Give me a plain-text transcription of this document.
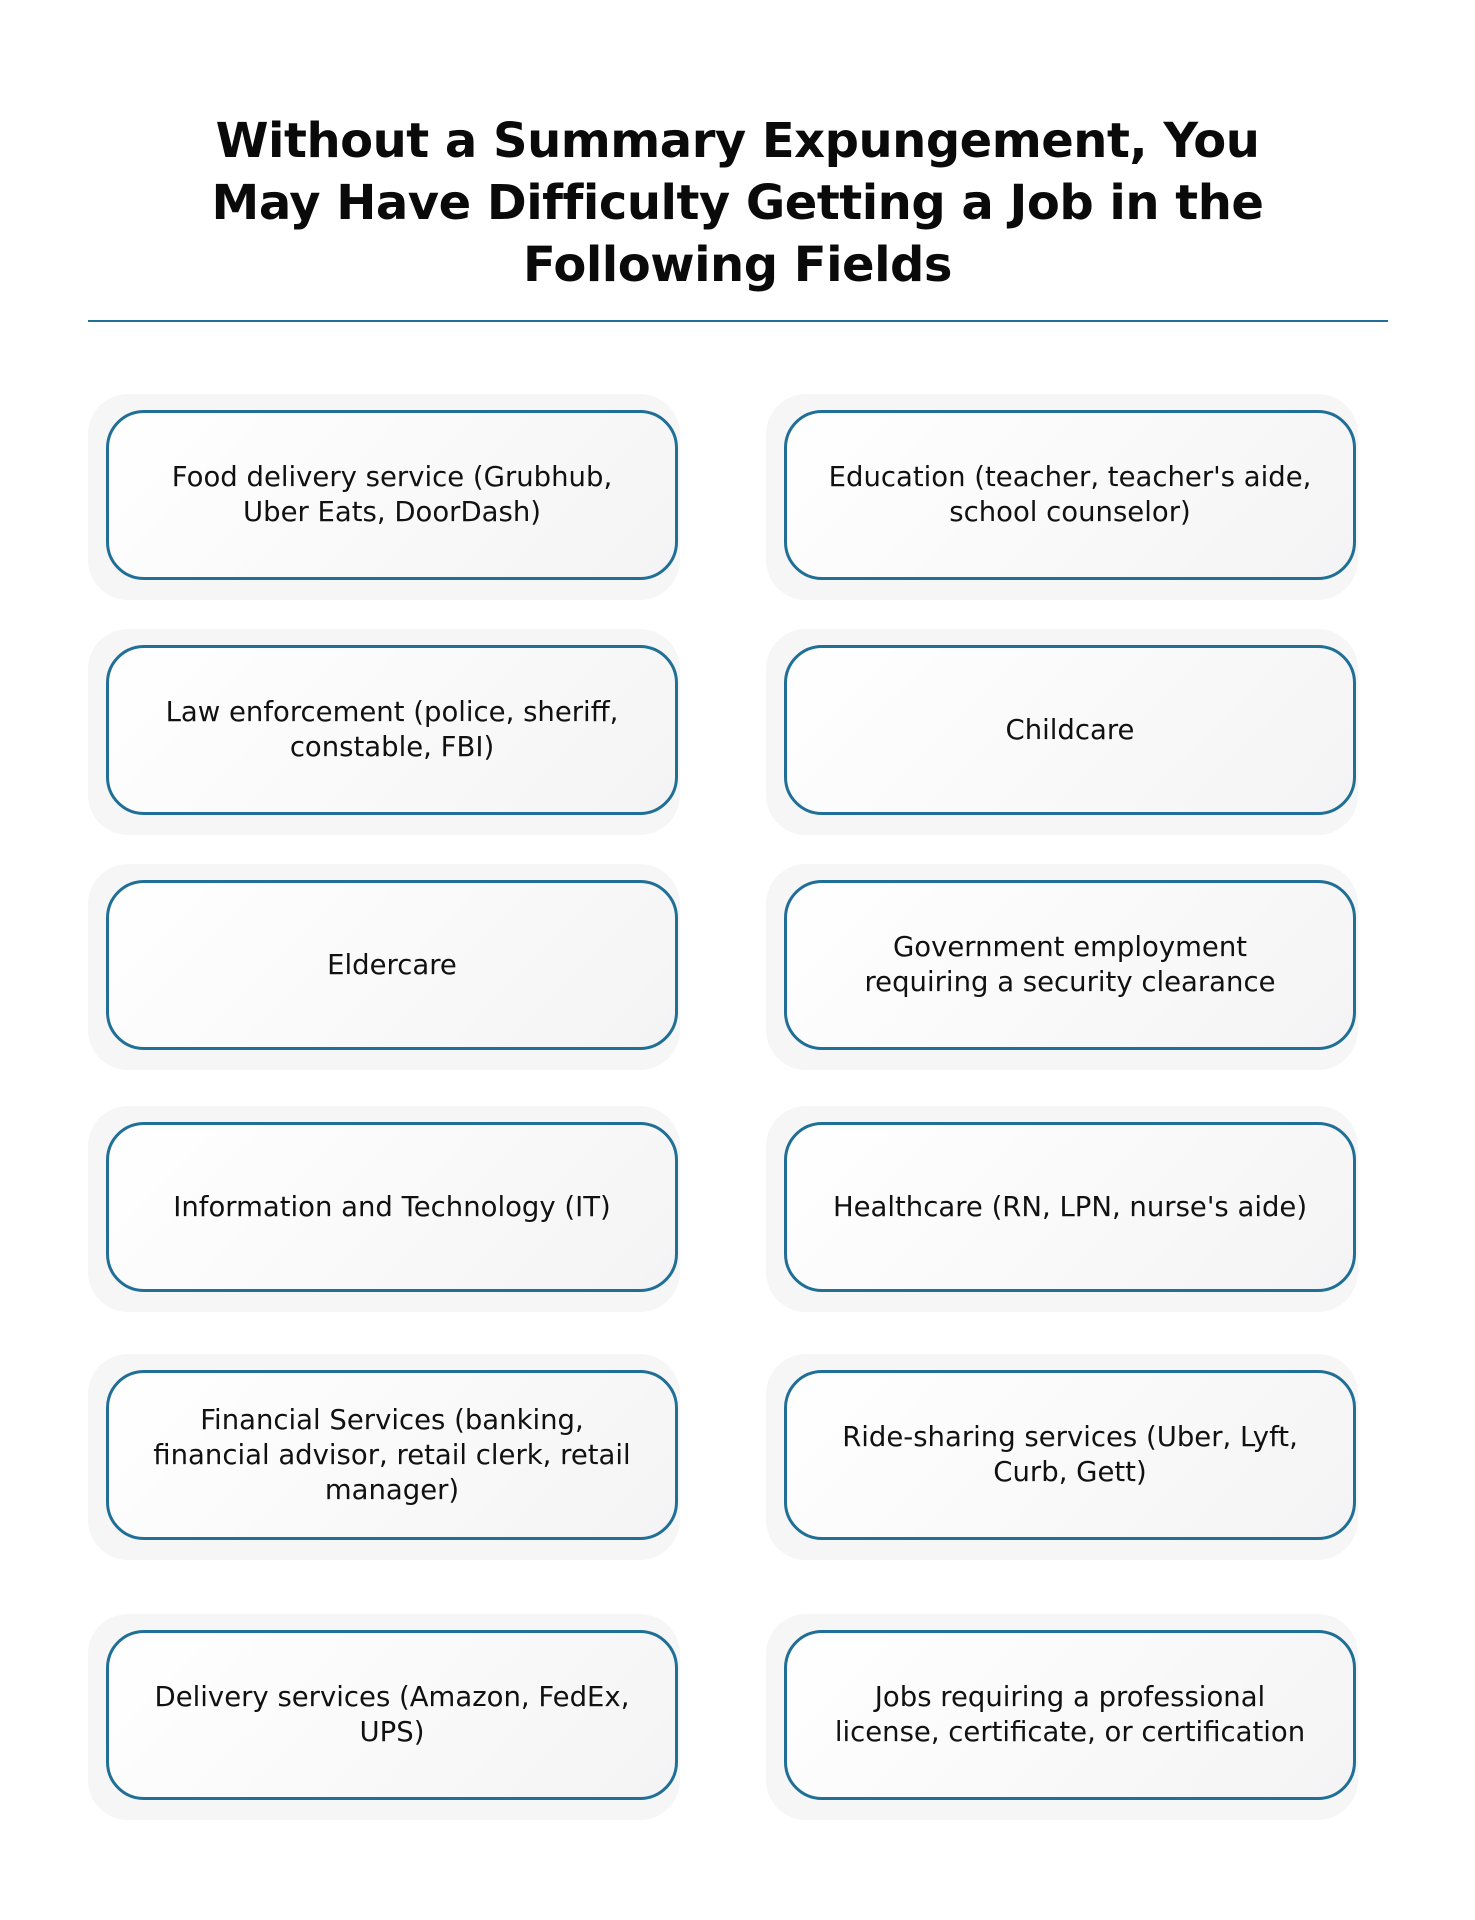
Without a Summary Expungement, You
May Have Difficulty Getting a Job in the
Following Fields
Food delivery service (Grubhub, Uber Eats, DoorDash)
Education (teacher, teacher's aide, school counselor)
Law enforcement (police, sheriff, constable, FBI)
Childcare
Eldercare
Government employment requiring a security clearance
Information and Technology (IT)	Healthcare (RN, LPN, nurse's aide)
Financial Services (banking, financial advisor, retail clerk, retail manager)
Ride-sharing services (Uber, Lyft, Curb, Gett)
Delivery services (Amazon, FedEx, UPS)
Jobs requiring a professional license, certificate, or certification
